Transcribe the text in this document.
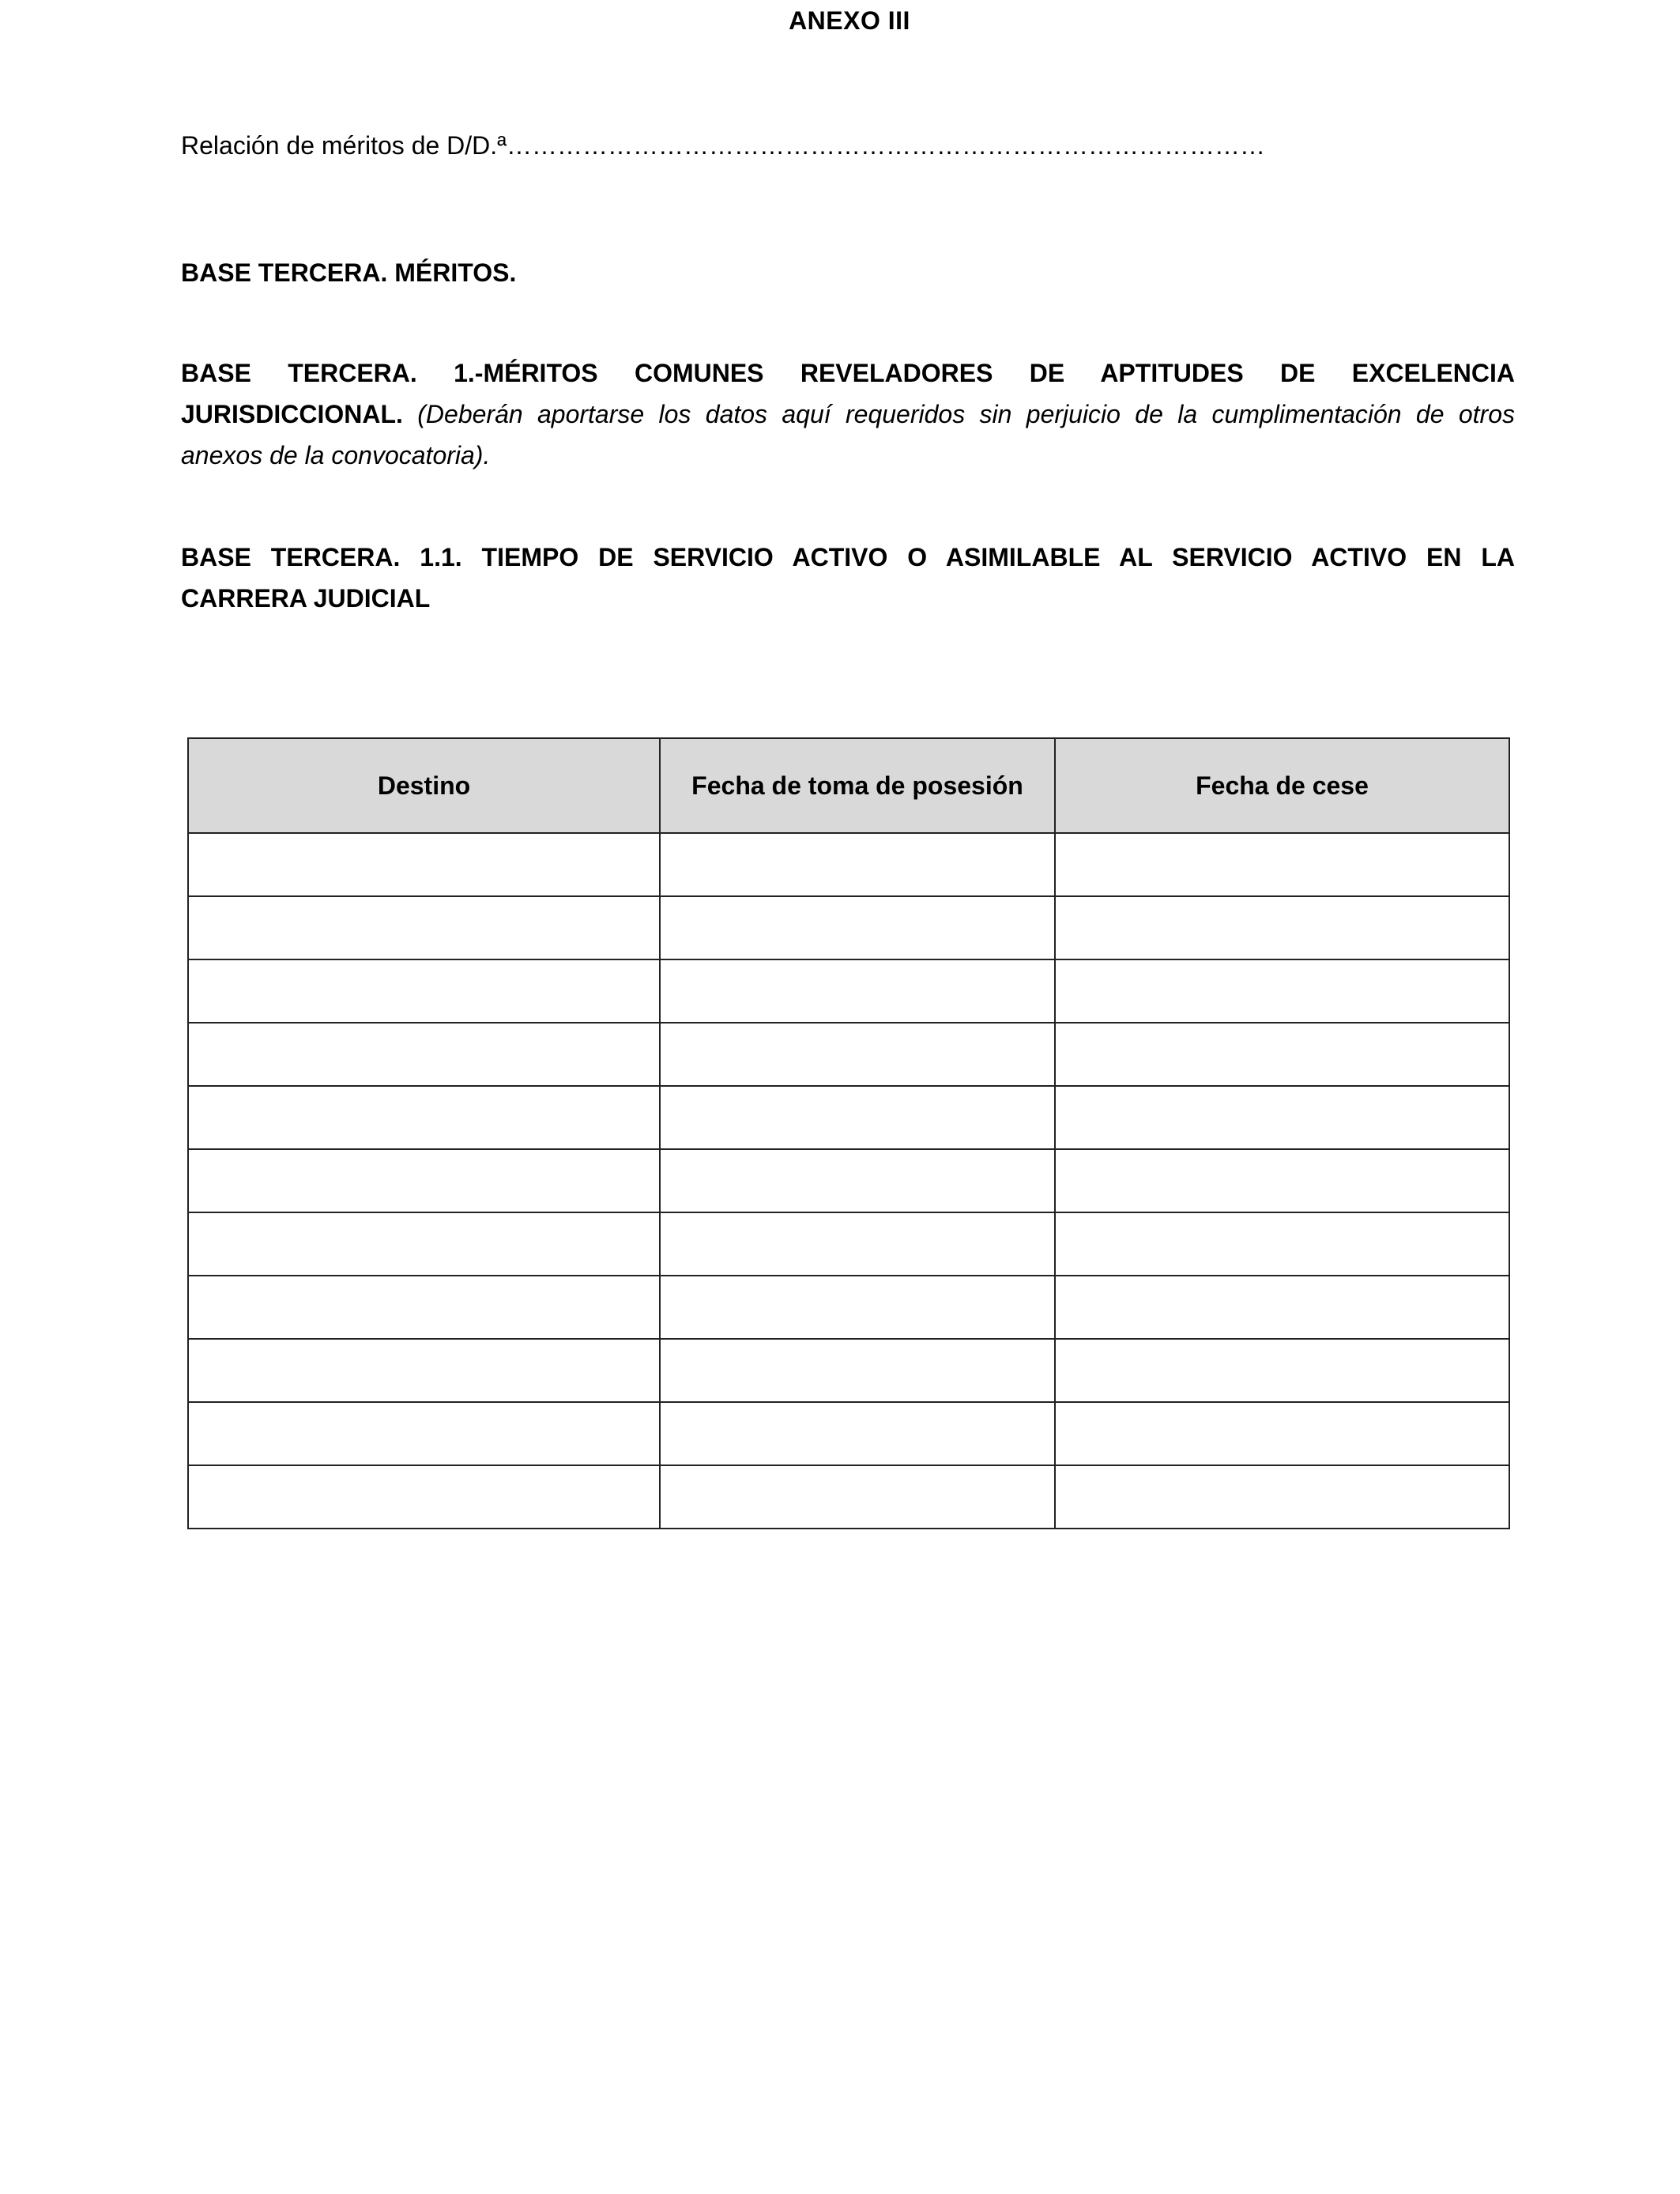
ANEXO III
Relación de méritos de D/D.ª………………………………………………………………………………
BASE TERCERA. MÉRITOS.
BASE TERCERA. 1.-MÉRITOS COMUNES REVELADORES DE APTITUDES DE EXCELENCIA
JURISDICCIONAL. (Deberán aportarse los datos aquí requeridos sin perjuicio de la cumplimentación de otros
anexos de la convocatoria).
BASE TERCERA. 1.1. TIEMPO DE SERVICIO ACTIVO O ASIMILABLE AL SERVICIO ACTIVO EN LA
CARRERA JUDICIAL
Destino	Fecha de toma de posesión	Fecha de cese
